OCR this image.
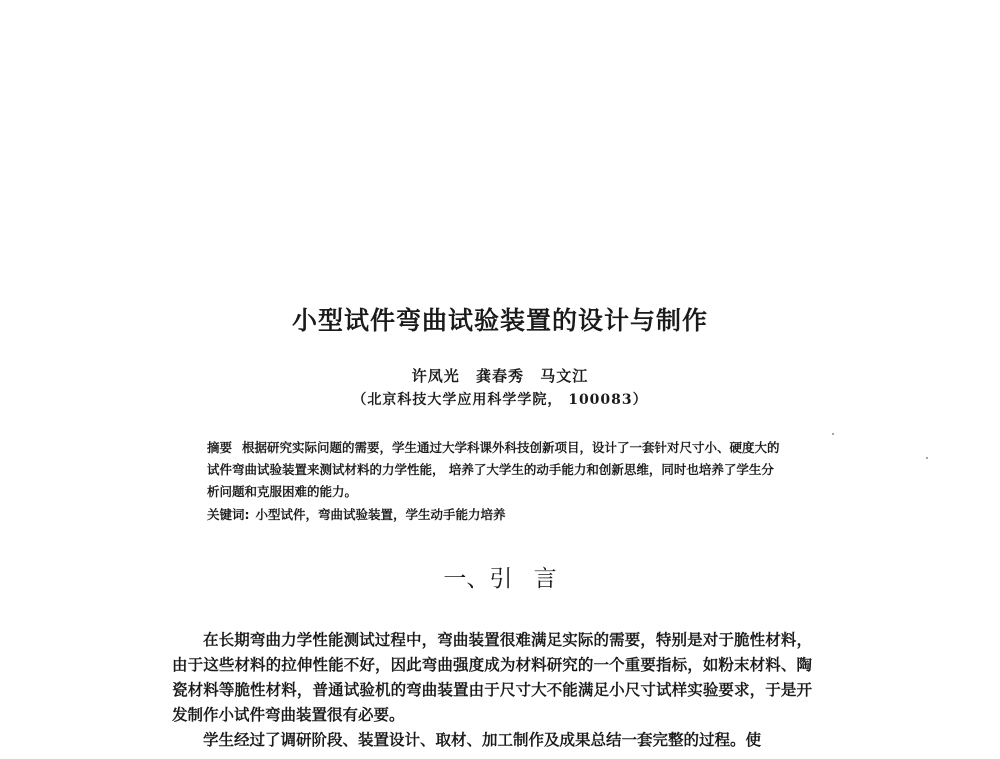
小型试件弯曲试验装置的设计与制作
许凤光 龚春秀 马文江
（北京科技大学应用科学学院， 100083）

摘要 根据研究实际问题的需要，学生通过大学科课外科技创新项目，设计了一套针对尺寸小、硬度大的试件弯曲试验装置来测试材料的力学性能， 培养了大学生的动手能力和创新思维，同时也培养了学生分析问题和克服困难的能力。

关键词: 小型试件，弯曲试验装置，学生动手能力培养

一、引 言

在长期弯曲力学性能测试过程中，弯曲装置很难满足实际的需要，特别是对于脆性材料，由于这些材料的拉伸性能不好，因此弯曲强度成为材料研究的一个重要指标，如粉末材料、陶瓷材料等脆性材料，普通试验机的弯曲装置由于尺寸大不能满足小尺寸试样实验要求，于是开发制作小试件弯曲装置很有必要。

学生经过了调研阶段、装置设计、取材、加工制作及成果总结一套完整的过程。使
